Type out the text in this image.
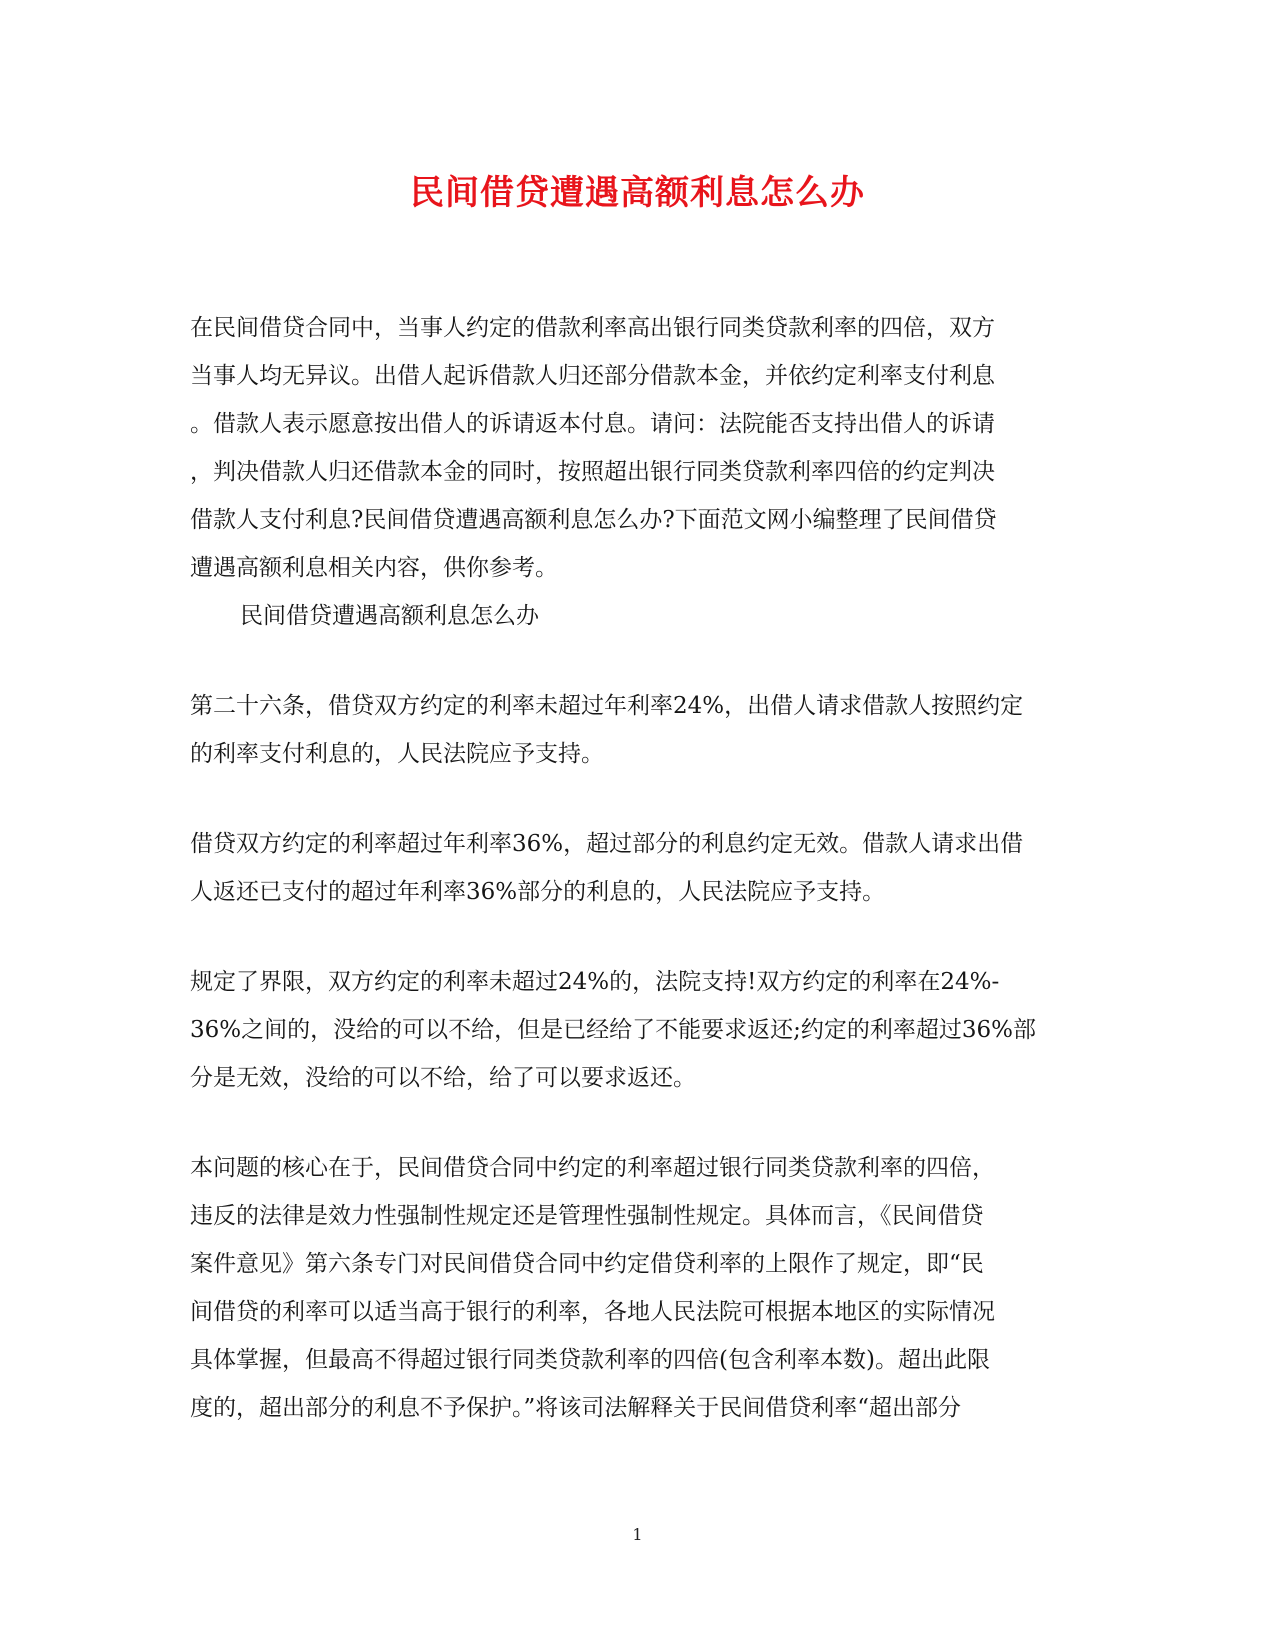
民间借贷遭遇高额利息怎么办
在民间借贷合同中，当事人约定的借款利率高出银行同类贷款利率的四倍，双方
当事人均无异议。出借人起诉借款人归还部分借款本金，并依约定利率支付利息
。借款人表示愿意按出借人的诉请返本付息。请问：法院能否支持出借人的诉请
，判决借款人归还借款本金的同时，按照超出银行同类贷款利率四倍的约定判决
借款人支付利息?民间借贷遭遇高额利息怎么办?下面范文网小编整理了民间借贷
遭遇高额利息相关内容，供你参考。
民间借贷遭遇高额利息怎么办
第二十六条，借贷双方约定的利率未超过年利率24%，出借人请求借款人按照约定
的利率支付利息的，人民法院应予支持。
借贷双方约定的利率超过年利率36%，超过部分的利息约定无效。借款人请求出借
人返还已支付的超过年利率36%部分的利息的，人民法院应予支持。
规定了界限，双方约定的利率未超过24%的，法院支持!双方约定的利率在24%-
36%之间的，没给的可以不给，但是已经给了不能要求返还;约定的利率超过36%部
分是无效，没给的可以不给，给了可以要求返还。
本问题的核心在于，民间借贷合同中约定的利率超过银行同类贷款利率的四倍，
违反的法律是效力性强制性规定还是管理性强制性规定。具体而言，《民间借贷
案件意见》第六条专门对民间借贷合同中约定借贷利率的上限作了规定，即“民
间借贷的利率可以适当高于银行的利率，各地人民法院可根据本地区的实际情况
具体掌握，但最高不得超过银行同类贷款利率的四倍(包含利率本数)。超出此限
度的，超出部分的利息不予保护。”将该司法解释关于民间借贷利率“超出部分
1
